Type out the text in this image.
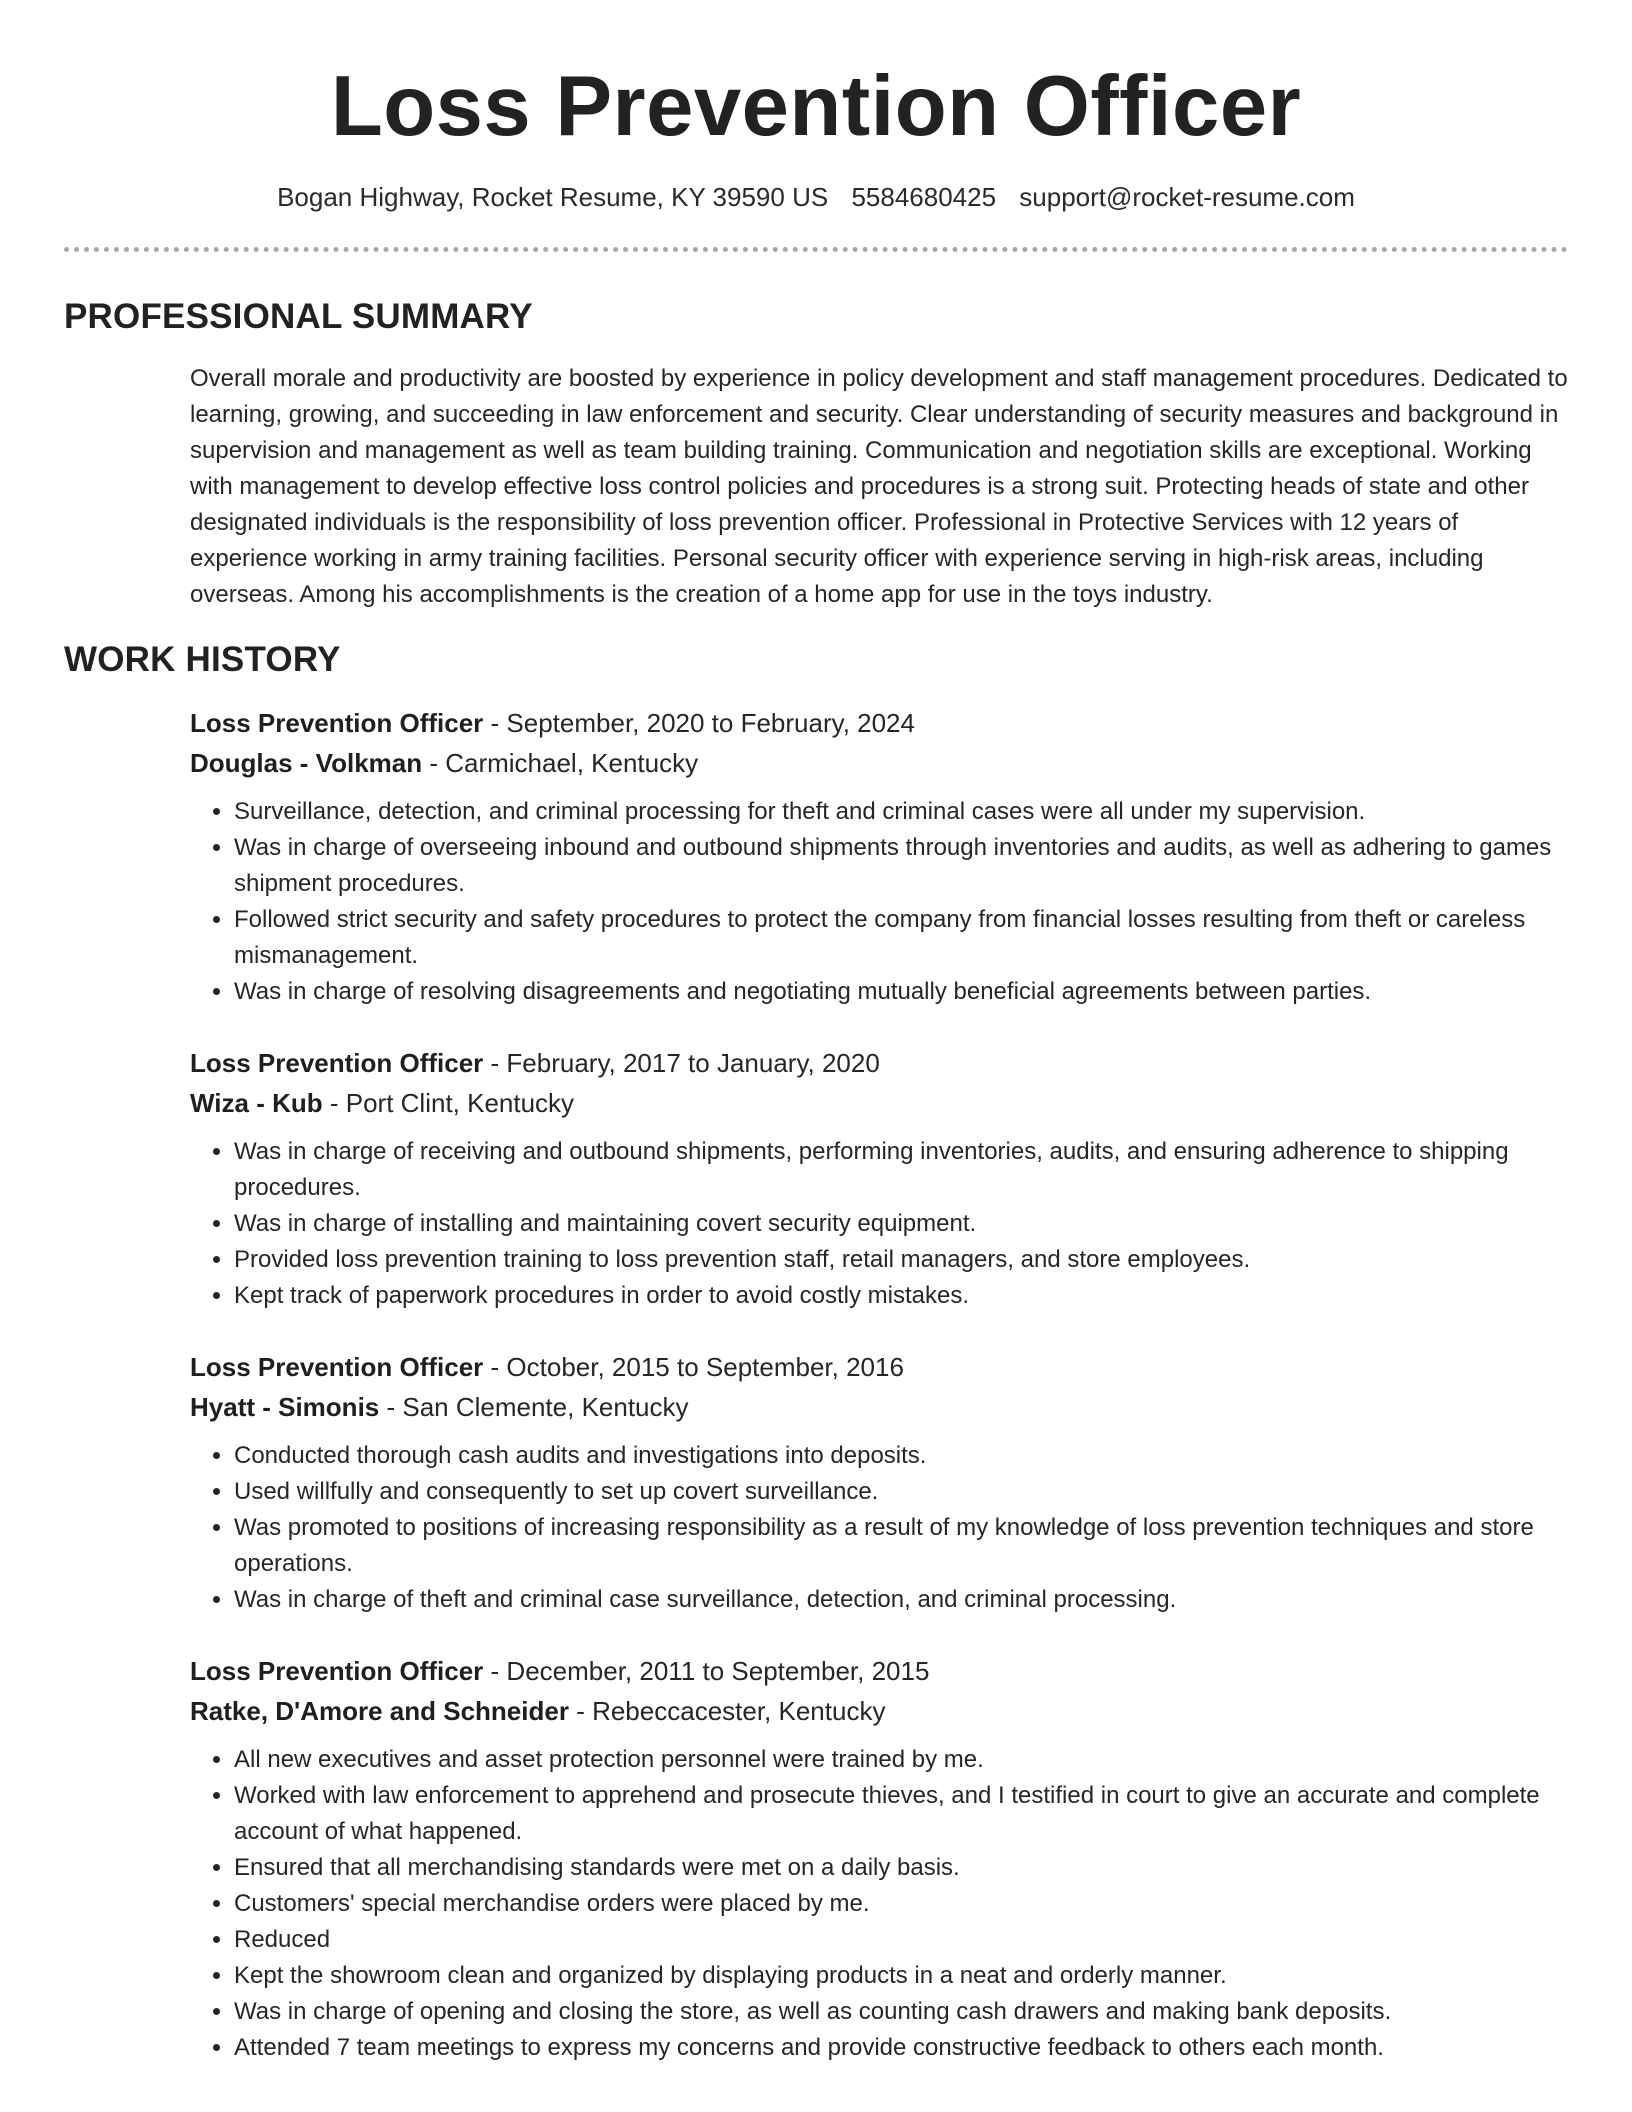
Loss Prevention Officer
Bogan Highway, Rocket Resume, KY 39590 US 5584680425 support@rocket-resume.com
PROFESSIONAL SUMMARY

Overall morale and productivity are boosted by experience in policy development and staff management procedures. Dedicated to learning, growing, and succeeding in law enforcement and security. Clear understanding of security measures and background in supervision and management as well as team building training. Communication and negotiation skills are exceptional. Working with management to develop effective loss control policies and procedures is a strong suit. Protecting heads of state and other designated individuals is the responsibility of loss prevention officer. Professional in Protective Services with 12 years of experience working in army training facilities. Personal security officer with experience serving in high-risk areas, including overseas. Among his accomplishments is the creation of a home app for use in the toys industry.

WORK HISTORY
Loss Prevention Officer - September, 2020 to February, 2024
Douglas - Volkman - Carmichael, Kentucky
• Surveillance, detection, and criminal processing for theft and criminal cases were all under my supervision.
• Was in charge of overseeing inbound and outbound shipments through inventories and audits, as well as adhering to games shipment procedures.
• Followed strict security and safety procedures to protect the company from financial losses resulting from theft or careless mismanagement.
• Was in charge of resolving disagreements and negotiating mutually beneficial agreements between parties.
Loss Prevention Officer - February, 2017 to January, 2020
Wiza - Kub - Port Clint, Kentucky
• Was in charge of receiving and outbound shipments, performing inventories, audits, and ensuring adherence to shipping procedures.
• Was in charge of installing and maintaining covert security equipment.
• Provided loss prevention training to loss prevention staff, retail managers, and store employees.
• Kept track of paperwork procedures in order to avoid costly mistakes.
Loss Prevention Officer - October, 2015 to September, 2016
Hyatt - Simonis - San Clemente, Kentucky
• Conducted thorough cash audits and investigations into deposits.
• Used willfully and consequently to set up covert surveillance.
• Was promoted to positions of increasing responsibility as a result of my knowledge of loss prevention techniques and store operations.
• Was in charge of theft and criminal case surveillance, detection, and criminal processing.
Loss Prevention Officer - December, 2011 to September, 2015
Ratke, D'Amore and Schneider - Rebeccacester, Kentucky
• All new executives and asset protection personnel were trained by me.
• Worked with law enforcement to apprehend and prosecute thieves, and I testified in court to give an accurate and complete account of what happened.
• Ensured that all merchandising standards were met on a daily basis.
• Customers' special merchandise orders were placed by me.
• Reduced
• Kept the showroom clean and organized by displaying products in a neat and orderly manner.
• Was in charge of opening and closing the store, as well as counting cash drawers and making bank deposits.
• Attended 7 team meetings to express my concerns and provide constructive feedback to others each month.
